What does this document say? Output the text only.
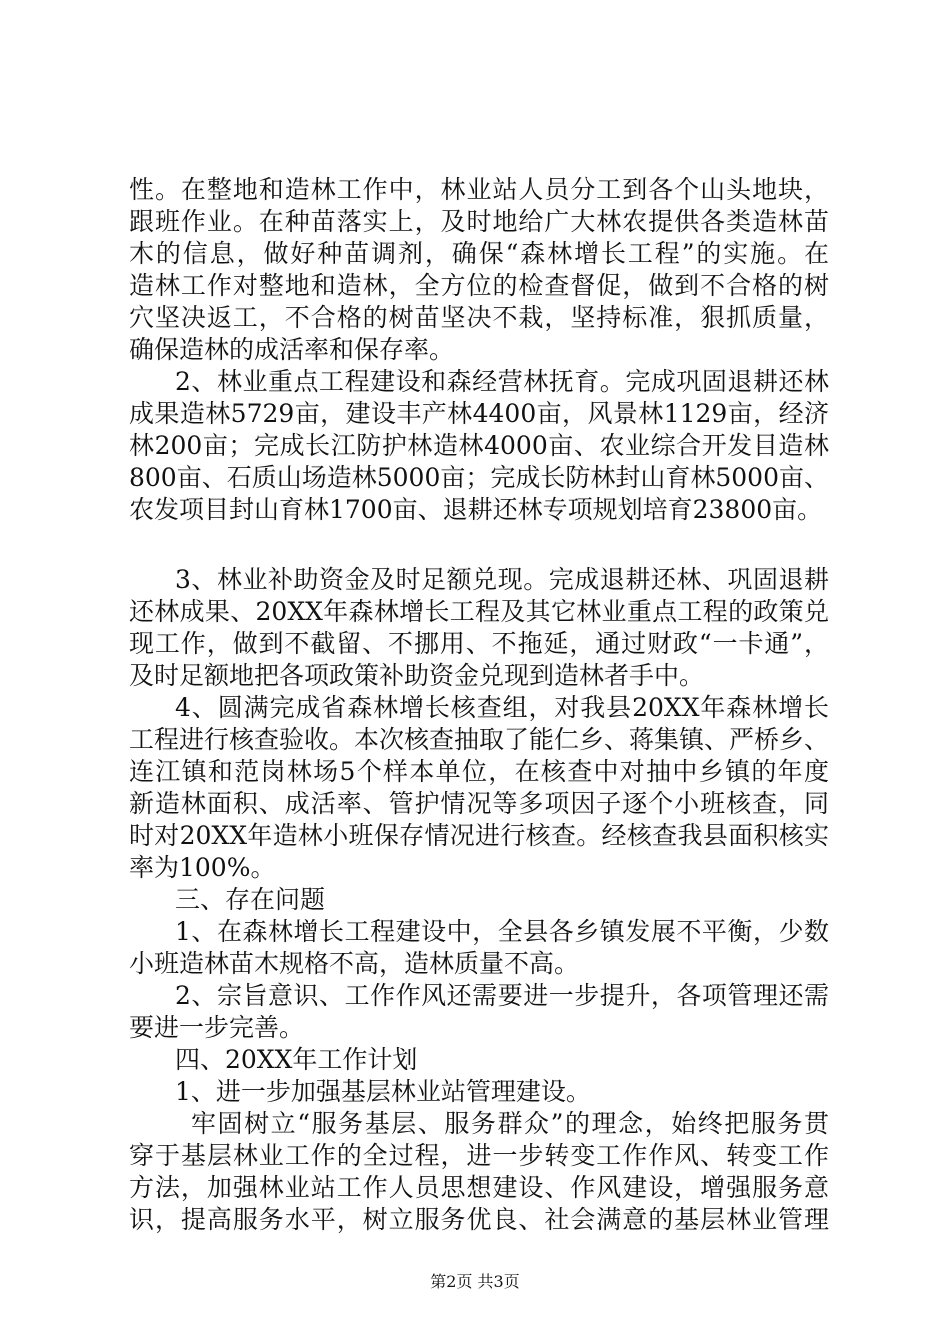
性。在整地和造林工作中，林业站人员分工到各个山头地块，
跟班作业。在种苗落实上，及时地给广大林农提供各类造林苗
木的信息，做好种苗调剂，确保“森林增长工程”的实施。在
造林工作对整地和造林，全方位的检查督促，做到不合格的树
穴坚决返工，不合格的树苗坚决不栽，坚持标准，狠抓质量，
确保造林的成活率和保存率。
2、林业重点工程建设和森经营林抚育。完成巩固退耕还林
成果造林5729亩，建设丰产林4400亩，风景林1129亩，经济
林200亩；完成长江防护林造林4000亩、农业综合开发目造林
800亩、石质山场造林5000亩；完成长防林封山育林5000亩、
农发项目封山育林1700亩、退耕还林专项规划培育23800亩。
3、林业补助资金及时足额兑现。完成退耕还林、巩固退耕
还林成果、20XX年森林增长工程及其它林业重点工程的政策兑
现工作，做到不截留、不挪用、不拖延，通过财政“一卡通”，
及时足额地把各项政策补助资金兑现到造林者手中。
4、圆满完成省森林增长核查组，对我县20XX年森林增长
工程进行核查验收。本次核查抽取了能仁乡、蒋集镇、严桥乡、
连江镇和范岗林场5个样本单位，在核查中对抽中乡镇的年度
新造林面积、成活率、管护情况等多项因子逐个小班核查，同
时对20XX年造林小班保存情况进行核查。经核查我县面积核实
率为100%。
三、存在问题
1、在森林增长工程建设中，全县各乡镇发展不平衡，少数
小班造林苗木规格不高，造林质量不高。
2、宗旨意识、工作作风还需要进一步提升，各项管理还需
要进一步完善。
四、20XX年工作计划
1、进一步加强基层林业站管理建设。
牢固树立“服务基层、服务群众”的理念，始终把服务贯
穿于基层林业工作的全过程，进一步转变工作作风、转变工作
方法，加强林业站工作人员思想建设、作风建设，增强服务意
识，提高服务水平，树立服务优良、社会满意的基层林业管理
第2页 共3页
